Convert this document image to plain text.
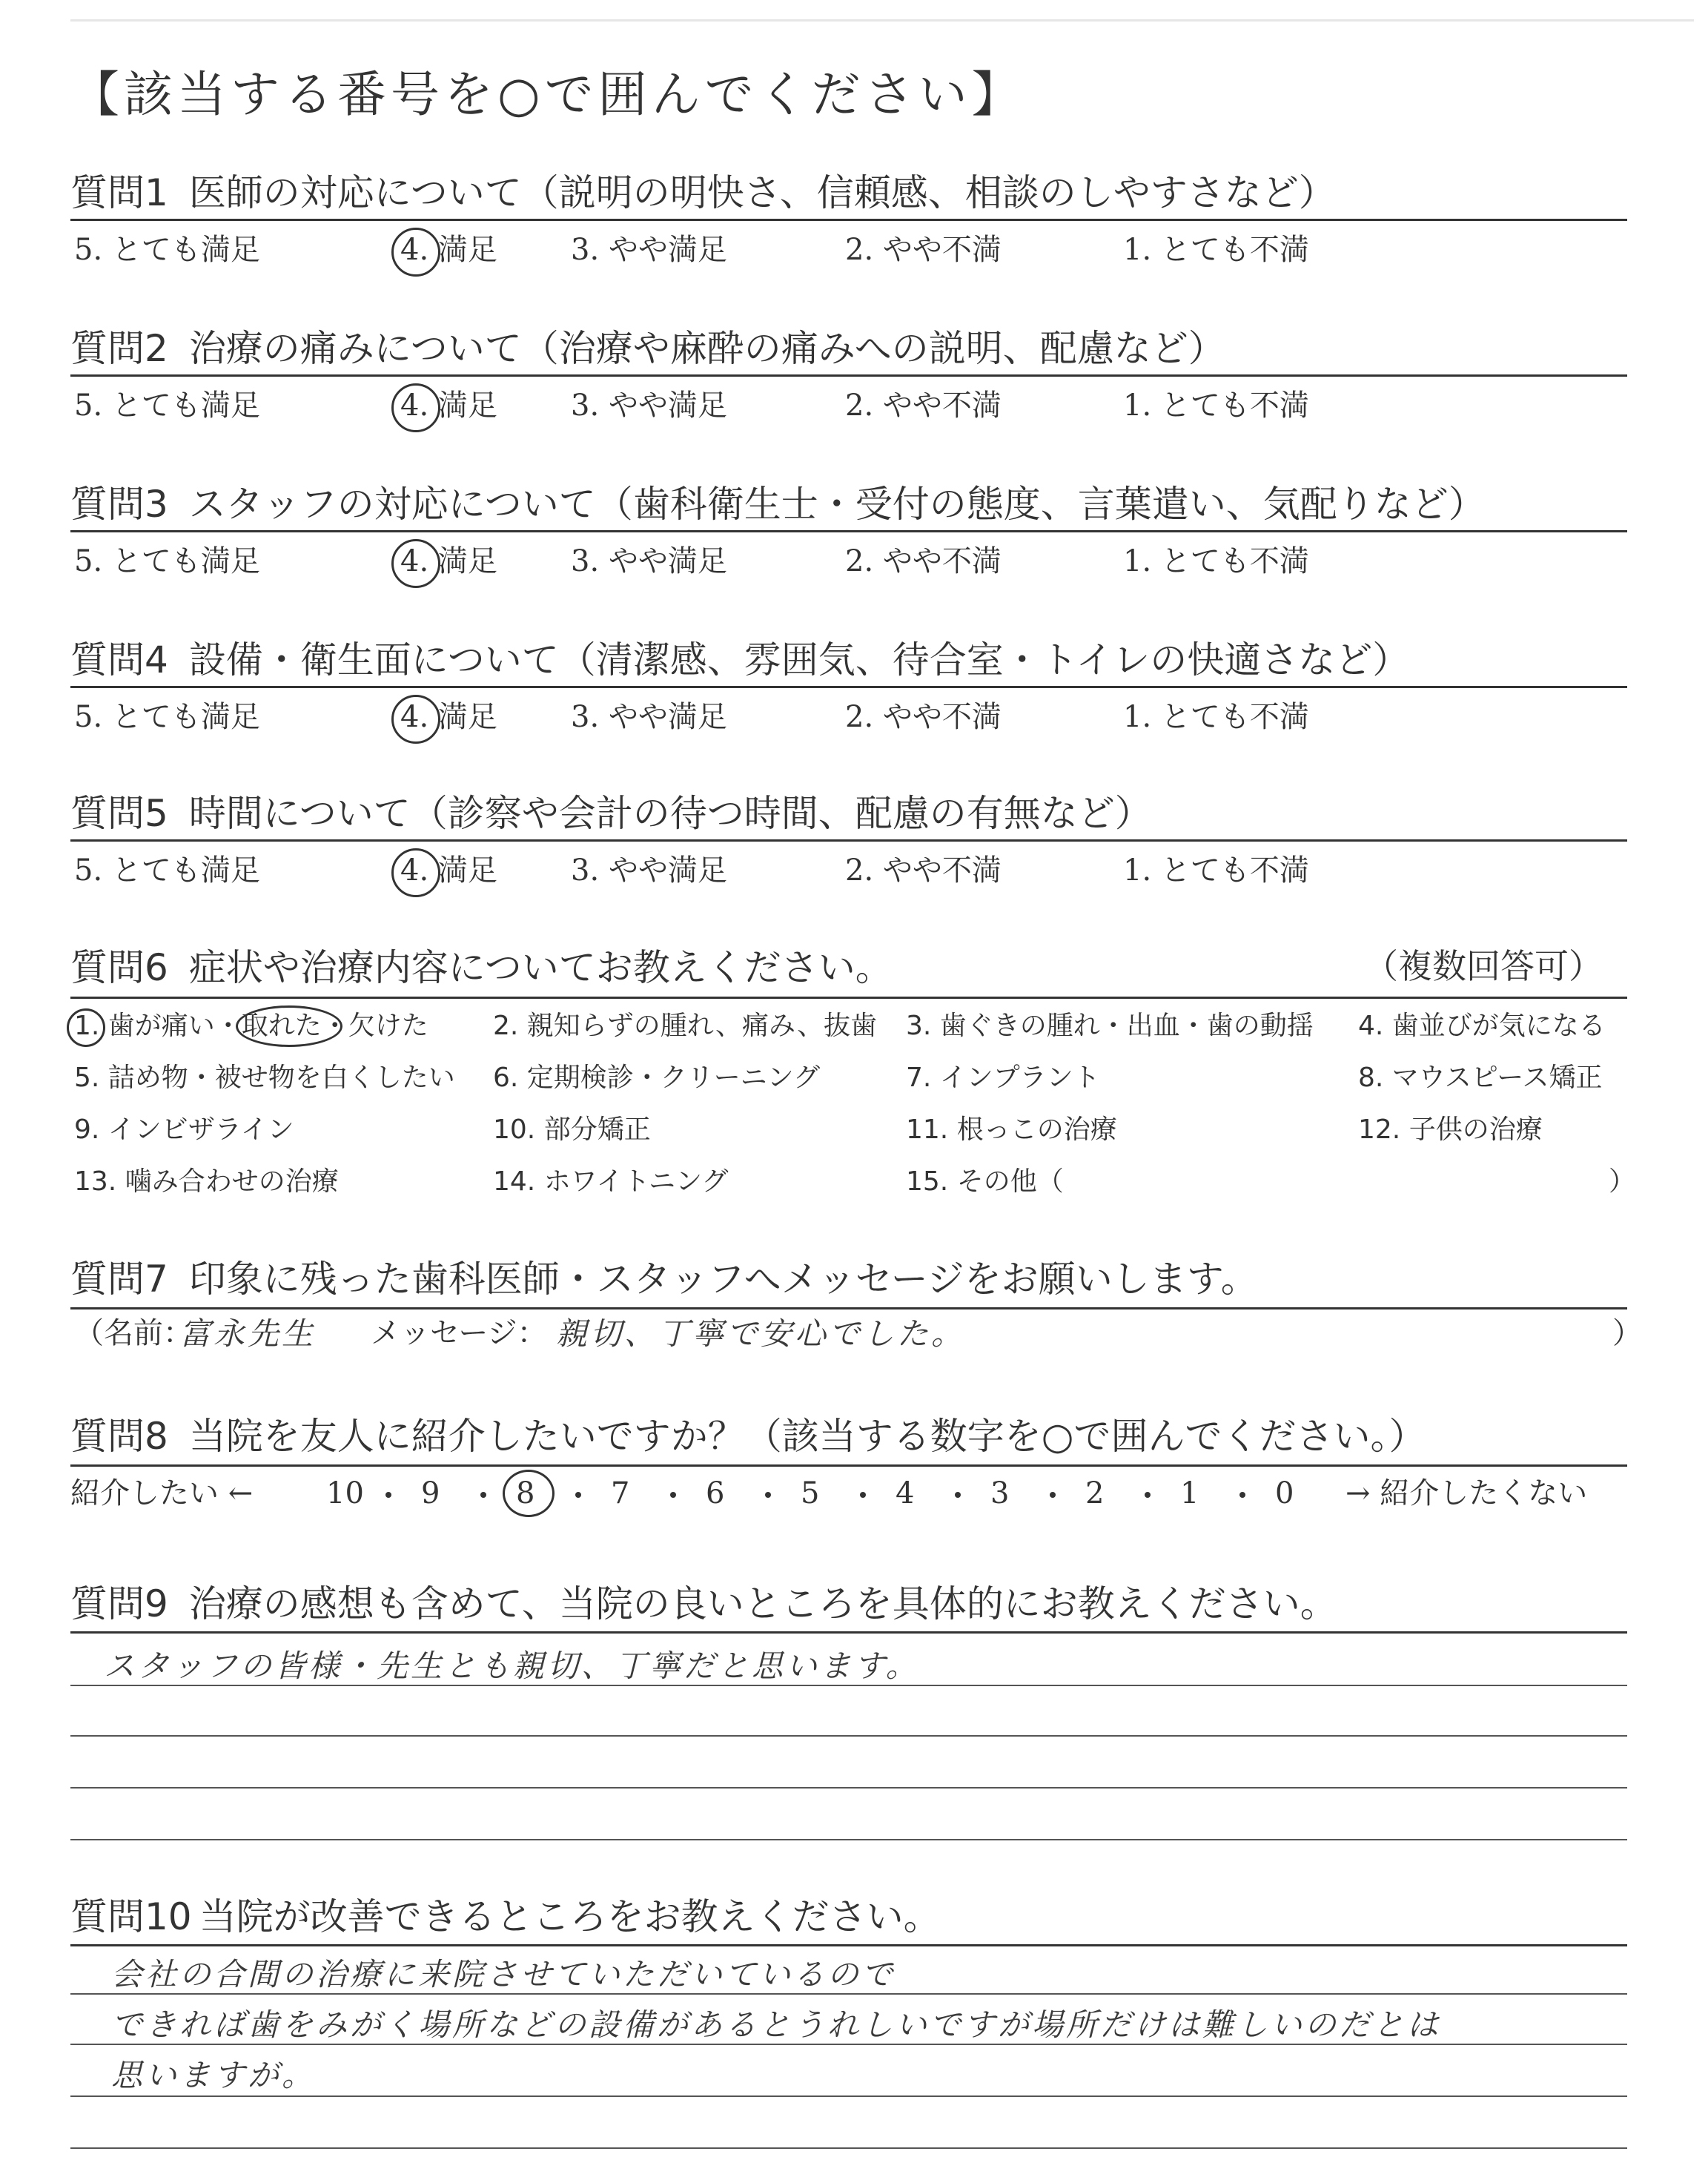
【該当する番号を○で囲んでください】
質問1 医師の対応について（説明の明快さ、信頼感、相談のしやすさなど）
5. とても満足	4. 満足 3. やや満足	2. やや不満	1. とても不満
質問2 治療の痛みについて（治療や麻酔の痛みへの説明、配慮など）
5. とても満足	4. 満足 3. やや満足	2. やや不満	1. とても不満
質問3 スタッフの対応について（歯科衛生士・受付の態度、言葉遣い、気配りなど）
5. とても満足	4. 満足 3. やや満足	2. やや不満	1. とても不満
質問4 設備・衛生面について（清潔感、雰囲気、待合室・トイレの快適さなど）
5. とても満足	4. 満足 3. やや満足	2. やや不満	1. とても不満
質問5 時間について（診察や会計の待つ時間、配慮の有無など）
5. とても満足	4. 満足 3. やや満足	2. やや不満	1. とても不満
質問6 症状や治療内容についてお教えください。	（複数回答可）
1. 歯が痛い・取れた・欠けた 2. 親知らずの腫れ、痛み、抜歯 3. 歯ぐきの腫れ・出血・歯の動揺 4. 歯並びが気になる
5. 詰め物・被せ物を白くしたい 6. 定期検診・クリーニング	7. インプラント	8. マウスピース矯正
9. インビザライン	10. 部分矯正	11. 根っこの治療	12. 子供の治療
13. 噛み合わせの治療	14. ホワイトニング	15. その他（	）
質問7 印象に残った歯科医師・スタッフへメッセージをお願いします。
（名前：
富永先生 メッセージ： 親切、丁寧で安心でした。	）
質問8 当院を友人に紹介したいですか？（該当する数字を○で囲んでください。）
紹介したい ← 10 9	8	7	6	5	4	3	2	1	0 → 紹介したくない
質問9 治療の感想も含めて、当院の良いところを具体的にお教えください。
スタッフの皆様・先生とも親切、丁寧だと思います。
質問10 当院が改善できるところをお教えください。
会社の合間の治療に来院させていただいているので
できれば歯をみがく場所などの設備があるとうれしいですが場所だけは難しいのだとは
思いますが。
